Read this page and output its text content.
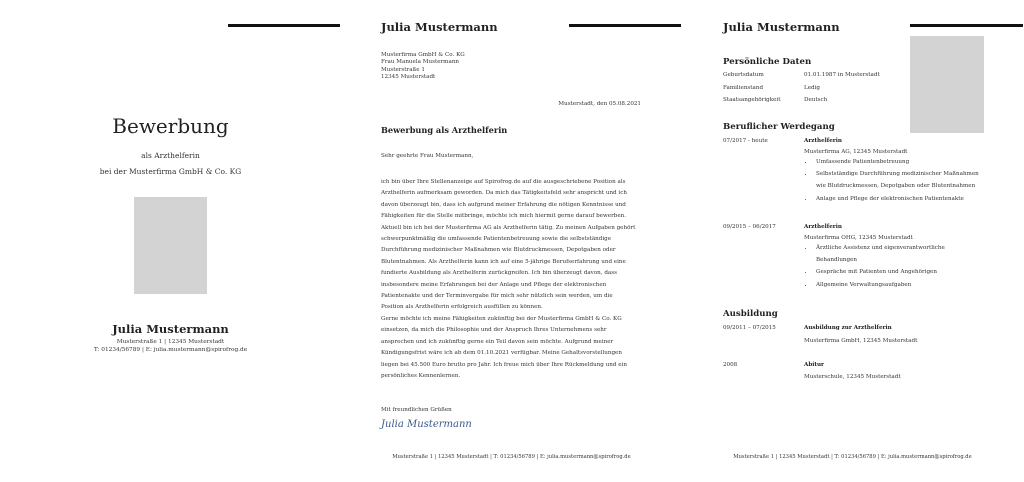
Bewerbung
als Arzthelferin
bei der Musterfirma GmbH & Co. KG
Julia Mustermann
Musterstraße 1 | 12345 Musterstadt
T: 01234/56789 | E: julia.mustermann@spirofrog.de
Julia Mustermann
Musterfirma GmbH & Co. KG
Frau Manuela Mustermann
Musterstraße 1
12345 Musterstadt
Musterstadt, den 05.08.2021
Bewerbung als Arzthelferin
Sehr geehrte Frau Mustermann,
ich bin über Ihre Stellenanzeige auf Spirofrog.de auf die ausgeschriebene Position als
Arzthelferin aufmerksam geworden. Da mich das Tätigkeitsfeld sehr anspricht und ich
davon überzeugt bin, dass ich aufgrund meiner Erfahrung die nötigen Kenntnisse und
Fähigkeiten für die Stelle mitbringe, möchte ich mich hiermit gerne darauf bewerben.
Aktuell bin ich bei der Musterfirma AG als Arzthelferin tätig. Zu meinen Aufgaben gehört
schwerpunktmäßig die umfassende Patientenbetreuung sowie die selbstständige
Durchführung medizinischer Maßnahmen wie Blutdruckmessen, Depotgaben oder
Blutentnahmen. Als Arzthelferin kann ich auf eine 5-jährige Berufserfahrung und eine
fundierte Ausbildung als Arzthelferin zurückgreifen. Ich bin überzeugt davon, dass
insbesondere meine Erfahrungen bei der Anlage und Pflege der elektronischen
Patientenakte und der Terminvergabe für mich sehr nützlich sein werden, um die
Position als Arzthelferin erfolgreich ausfüllen zu können.
Gerne möchte ich meine Fähigkeiten zukünftig bei der Musterfirma GmbH & Co. KG
einsetzen, da mich die Philosophie und der Anspruch Ihres Unternehmens sehr
ansprechen und ich zukünftig gerne ein Teil davon sein möchte. Aufgrund meiner
Kündigungsfrist wäre ich ab dem 01.10.2021 verfügbar. Meine Gehaltsvorstellungen
liegen bei 45.500 Euro brutto pro Jahr. Ich freue mich über Ihre Rückmeldung und ein
persönliches Kennenlernen.
Mit freundlichen Grüßen
Julia Mustermann
Musterstraße 1 | 12345 Musterstadt | T: 01234/56789 | E: julia.mustermann@spirofrog.de
Julia Mustermann
Persönliche Daten
Geburtsdatum	01.01.1987 in Musterstadt
Familienstand	Ledig
Staatsangehörigkeit	Deutsch
Beruflicher Werdegang
07/2017 - heute	Arzthelferin
Musterfirma AG, 12345 Musterstadt
• Umfassende Patientenbetreuung
• Selbstständige Durchführung medizinischer Maßnahmen wie Blutdruckmessen, Depotgaben oder Blutentnahmen
• Anlage und Pflege der elektronischen Patientenakte
09/2015 – 06/2017	Arzthelferin
Musterfirma OHG, 12345 Musterstadt
• Ärztliche Assistenz und eigenverantwortliche Behandlungen
• Gespräche mit Patienten und Angehörigen
• Allgemeine Verwaltungsaufgaben
Ausbildung
09/2011 – 07/2015	Ausbildung zur Arzthelferin
Musterfirma GmbH, 12345 Musterstadt
2008	Abitur
Musterschule, 12345 Musterstadt
Musterstraße 1 | 12345 Musterstadt | T: 01234/56789 | E: julia.mustermann@spirofrog.de
